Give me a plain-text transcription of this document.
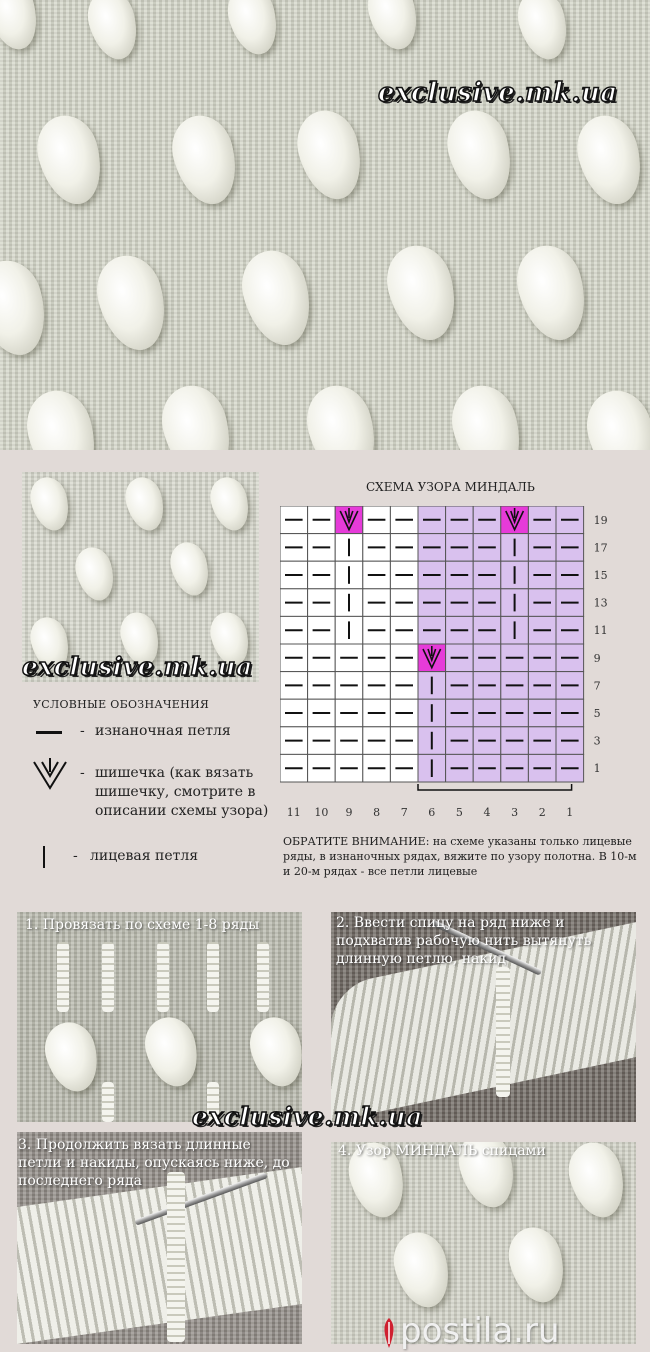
exclusive.mk.ua
exclusive.mk.ua
СХЕМА УЗОРА МИНДАЛЬ
19
17
15
13
11
9
7
5
3
1
11 10 9 8 7 6 5 4 3 2 1
УСЛОВНЫЕ ОБОЗНАЧЕНИЯ
- изнаночная петля
- шишечка (как вязать шишечку, смотрите в описании схемы узора)
- лицевая петля
ОБРАТИТЕ ВНИМАНИЕ: на схеме указаны только лицевые ряды, в изнаночных рядах, вяжите по узору полотна. В 10-м и 20-м рядах - все петли лицевые
1. Провязать по схеме 1-8 ряды	2. Ввести спицу на ряд ниже и подхватив рабочую нить вытянуть длинную петлю, накид
exclusive.mk.ua
3. Продолжить вязать длинные петли и накиды, опускаясь ниже, до последнего ряда
4. Узор МИНДАЛЬ спицами
postila.ru
